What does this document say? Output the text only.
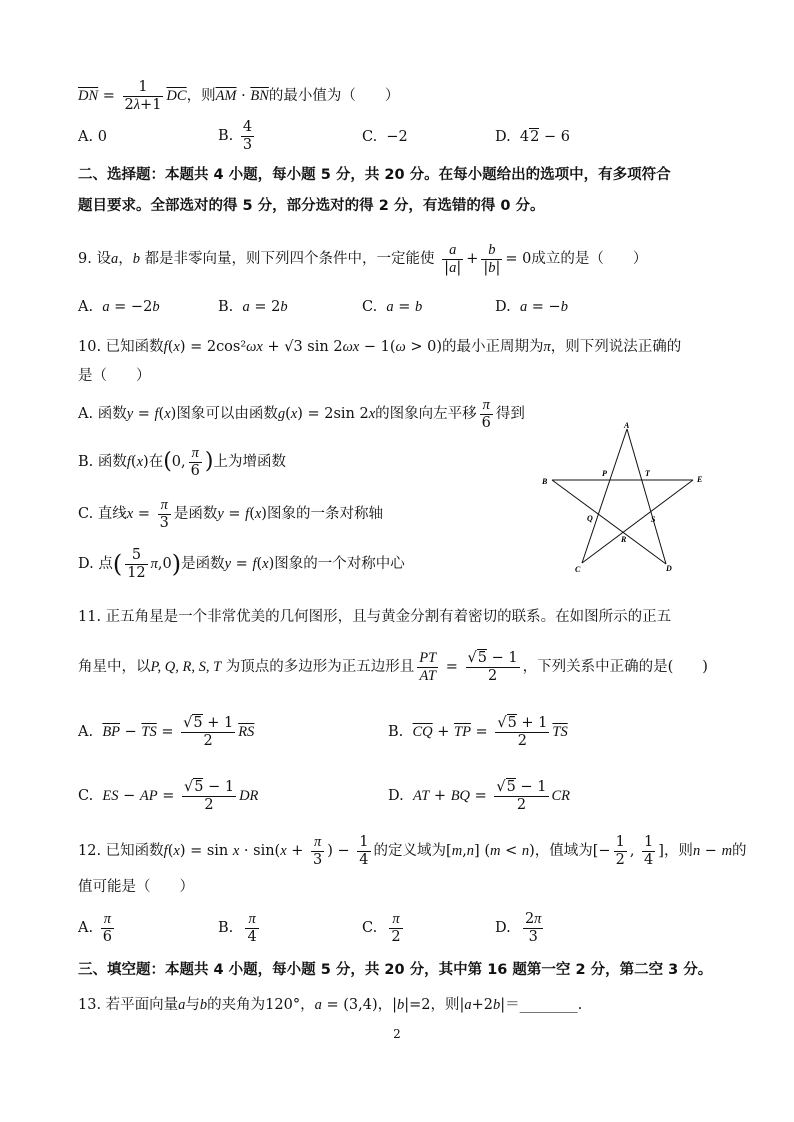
$\overline{DN} = \frac{1}{2\lambda+1} \overline{DC}$，则$\overline{AM} \cdot \overline{BN}$的最小值为（　　）
A. 0	B. $\frac{4}{3}$	C.  −2	D.  42 − 6
二、选择题：本题共 4 小题，每小题 5 分，共 20 分。在每小题给出的选项中，有多项符合
题目要求。全部选对的得 5 分，部分选对的得 2 分，有选错的得 0 分。
9. 设a，b 都是非零向量，则下列四个条件中，一定能使 $\frac{a}{|a|} + \frac{b}{|b|} = 0$成立的是（　　）
A. a = −2b	B. a = 2b	C. a = b	D. a = −b
10. 已知函数f(x) = 2cos²ωx + √3 sin 2ωx − 1(ω > 0)的最小正周期为π，则下列说法正确的
是（　　）
A. 函数y = f(x)图象可以由函数g(x) = 2sin 2x的图象向左平移 $\frac{\pi}{6}$ 得到
B. 函数f(x)在(0, $\frac{\pi}{6}$ )上为增函数
C. 直线$x = \frac{\pi}{3}$ 是函数y = f(x)图象的一条对称轴
D. 点( $\frac{5}{12} \pi,0$)是函数y = f(x)图象的一个对称中心
A
B	E
P	T
Q	S
R
C	D
11. 正五角星是一个非常优美的几何图形，且与黄金分割有着密切的联系。在如图所示的正五
角星中，以P, Q, R, S, T 为顶点的多边形为正五边形且 $\frac{PT}{AT} = \frac{√5 - 1}{2}$ ，下列关系中正确的是(　　)
A. $\overline{BP} - \overline{TS} = \frac{√5 + 1}{2} \overline{RS}$	B. $\overline{CQ} + \overline{TP} = \frac{√5 + 1}{2} \overline{TS}$
C. ES − AP = $\frac{√5 - 1}{2}$ DR	D. AT + BQ = $\frac{√5 - 1}{2}$ CR
12. 已知函数$f(x) = \sin x \cdot \sin(x + \frac{\pi}{3}$ ) − $\frac{1}{4}$ 的定义域为[m,n] (m < n)，值域为[− $\frac{1}{2}$ , $\frac{1}{4}$ ]，则n − m的
值可能是（　　）
A. $\frac{\pi}{6}$	B. $\frac{\pi}{4}$	C. $\frac{\pi}{2}$	D. $\frac{2\pi}{3}$
三、填空题：本题共 4 小题，每小题 5 分，共 20 分，其中第 16 题第一空 2 分，第二空 3 分。
13. 若平面向量a与b的夹角为120°，a = (3,4)，|b|=2，则|a+2b|＝________.
2
